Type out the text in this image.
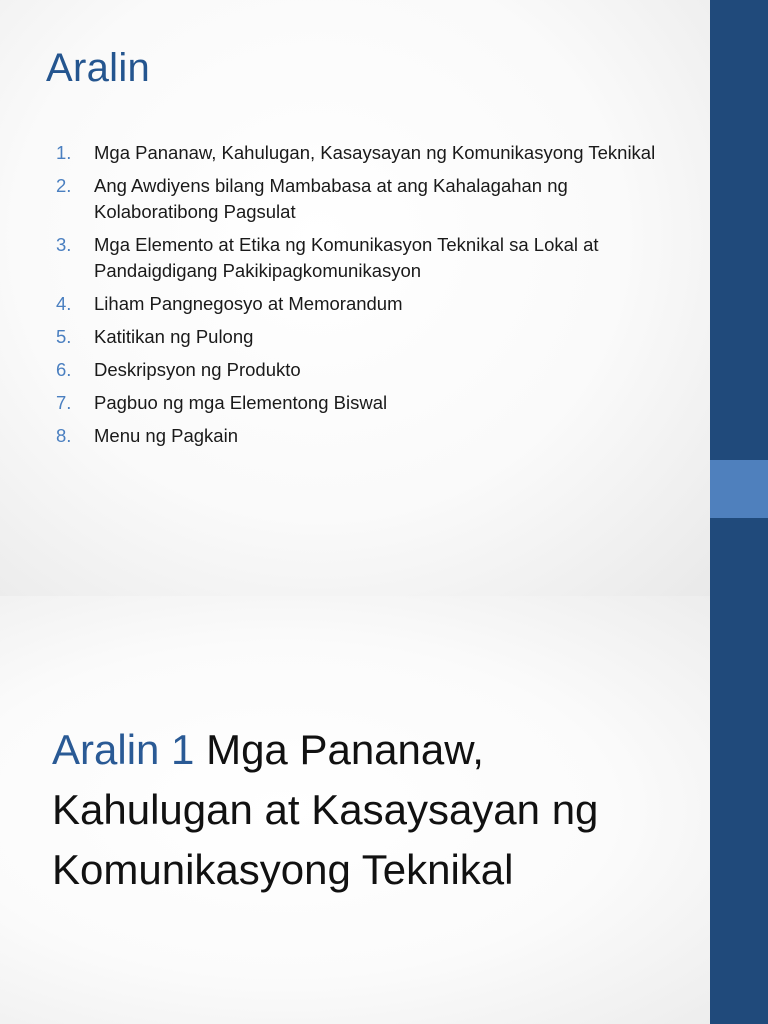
Aralin
1. Mga Pananaw, Kahulugan, Kasaysayan ng Komunikasyong Teknikal
2. Ang Awdiyens bilang Mambabasa at ang Kahalagahan ng Kolaboratibong Pagsulat
3. Mga Elemento at Etika ng Komunikasyon Teknikal sa Lokal at Pandaigdigang Pakikipagkomunikasyon
4. Liham Pangnegosyo at Memorandum
5. Katitikan ng Pulong
6. Deskripsyon ng Produkto
7. Pagbuo ng mga Elementong Biswal
8. Menu ng Pagkain
Aralin 1 Mga Pananaw,
Kahulugan at Kasaysayan ng
Komunikasyong Teknikal
